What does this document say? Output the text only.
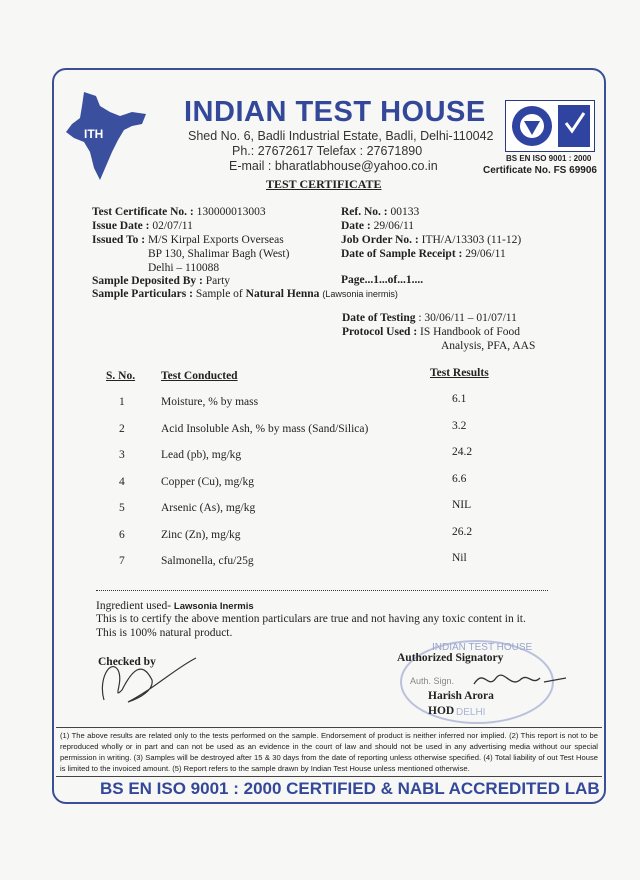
ITH
INDIAN TEST HOUSE
Shed No. 6, Badli Industrial Estate, Badli, Delhi-110042
Ph.: 27672617 Telefax : 27671890
E-mail : bharatlabhouse@yahoo.co.in
TEST CERTIFICATE
BS EN ISO 9001 : 2000
Certificate No. FS 69906
Test Certificate No. : 130000013003
Issue Date : 02/07/11
Issued To : M/S Kirpal Exports Overseas
BP 130, Shalimar Bagh (West)
Delhi – 110088
Sample Deposited By : Party
Sample Particulars : Sample of Natural Henna (Lawsonia inermis)
Ref. No. : 00133
Date : 29/06/11
Job Order No. : ITH/A/13303 (11-12)
Date of Sample Receipt : 29/06/11
Page...1...of...1....
Date of Testing : 30/06/11 – 01/07/11
Protocol Used : IS Handbook of Food
Analysis, PFA, AAS
S. No. Test Conducted	Test Results
1	Moisture, % by mass	6.1
2	Acid Insoluble Ash, % by mass (Sand/Silica)	3.2
3	Lead (pb), mg/kg	24.2
4	Copper (Cu), mg/kg	6.6
5	Arsenic (As), mg/kg	NIL
6	Zinc (Zn), mg/kg	26.2
7	Salmonella, cfu/25g	Nil
Ingredient used- Lawsonia Inermis
This is to certify the above mention particulars are true and not having any toxic content in it.
This is 100% natural product.
Checked by
INDIAN TEST HOUSE
Authorized Signatory
Auth. Sign.
Harish Arora
HOD DELHI
(1) The above results are related only to the tests performed on the sample. Endorsement of product is neither inferred nor implied. (2) This report is not to be reproduced wholly or in part and can not be used as an evidence in the court of law and should not be used in any advertising media without our special permission in writing. (3) Samples will be destroyed after 15 & 30 days from the date of reporting unless otherwise specified. (4) Total liability of out Test House is limited to the invoiced amount. (5) Report refers to the sample drawn by Indian Test House unless mentioned otherwise.
BS EN ISO 9001 : 2000 CERTIFIED & NABL ACCREDITED LAB
